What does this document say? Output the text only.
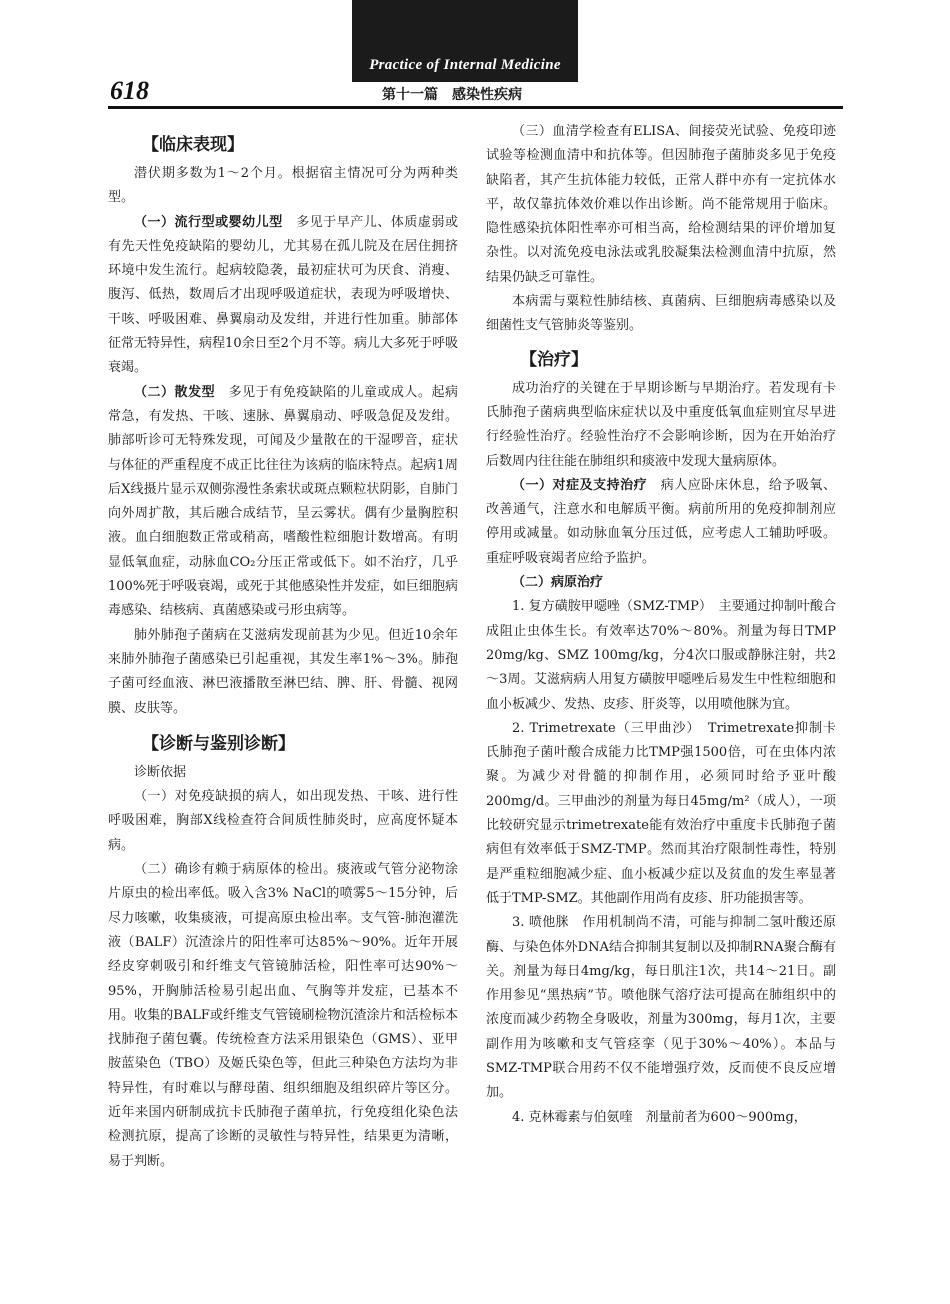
Practice of Internal Medicine
618	第十一篇　感染性疾病

【临床表现】

潜伏期多数为1～2个月。根据宿主情况可分为两种类型。

（一）流行型或婴幼儿型　 多见于早产儿、体质虚弱或有先天性免疫缺陷的婴幼儿，尤其易在孤儿院及在居住拥挤环境中发生流行。起病较隐袭，最初症状可为厌食、消瘦、腹泻、低热，数周后才出现呼吸道症状，表现为呼吸增快、干咳、呼吸困难、鼻翼扇动及发绀，并进行性加重。肺部体征常无特异性，病程10余日至2个月不等。病儿大多死于呼吸衰竭。

（二）散发型　 多见于有免疫缺陷的儿童或成人。起病常急，有发热、干咳、速脉、鼻翼扇动、呼吸急促及发绀。肺部听诊可无特殊发现，可闻及少量散在的干湿啰音，症状与体征的严重程度不成正比往往为该病的临床特点。起病1周后X线摄片显示双侧弥漫性条索状或斑点颗粒状阴影，自肺门向外周扩散，其后融合成结节，呈云雾状。偶有少量胸腔积液。血白细胞数正常或稍高，嗜酸性粒细胞计数增高。有明显低氧血症，动脉血CO₂分压正常或低下。如不治疗，几乎100%死于呼吸衰竭，或死于其他感染性并发症，如巨细胞病毒感染、结核病、真菌感染或弓形虫病等。

肺外肺孢子菌病在艾滋病发现前甚为少见。但近10余年来肺外肺孢子菌感染已引起重视，其发生率1%～3%。肺孢子菌可经血液、淋巴液播散至淋巴结、脾、肝、骨髓、视网膜、皮肤等。

【诊断与鉴别诊断】

诊断依据

（一）对免疫缺损的病人，如出现发热、干咳、进行性呼吸困难，胸部X线检查符合间质性肺炎时，应高度怀疑本病。

（二）确诊有赖于病原体的检出。痰液或气管分泌物涂片原虫的检出率低。吸入含3% NaCl的喷雾5～15分钟，后尽力咳嗽，收集痰液，可提高原虫检出率。支气管-肺泡灌洗液（BALF）沉渣涂片的阳性率可达85%～90%。近年开展经皮穿刺吸引和纤维支气管镜肺活检，阳性率可达90%～95%，开胸肺活检易引起出血、气胸等并发症，已基本不用。收集的BALF或纤维支气管镜刷检物沉渣涂片和活检标本找肺孢子菌包囊。传统检查方法采用银染色（GMS）、亚甲胺蓝染色（TBO）及姬氏染色等，但此三种染色方法均为非特异性，有时难以与酵母菌、组织细胞及组织碎片等区分。近年来国内研制成抗卡氏肺孢子菌单抗，行免疫组化染色法检测抗原，提高了诊断的灵敏性与特异性，结果更为清晰，易于判断。

（三）血清学检查有ELISA、间接荧光试验、免疫印迹试验等检测血清中和抗体等。但因肺孢子菌肺炎多见于免疫缺陷者，其产生抗体能力较低，正常人群中亦有一定抗体水平，故仅靠抗体效价难以作出诊断。尚不能常规用于临床。隐性感染抗体阳性率亦可相当高，给检测结果的评价增加复杂性。以对流免疫电泳法或乳胶凝集法检测血清中抗原，然结果仍缺乏可靠性。

本病需与粟粒性肺结核、真菌病、巨细胞病毒感染以及细菌性支气管肺炎等鉴别。

【治疗】

成功治疗的关键在于早期诊断与早期治疗。若发现有卡氏肺孢子菌病典型临床症状以及中重度低氧血症则宜尽早进行经验性治疗。经验性治疗不会影响诊断，因为在开始治疗后数周内往往能在肺组织和痰液中发现大量病原体。

（一）对症及支持治疗　 病人应卧床休息，给予吸氧、改善通气，注意水和电解质平衡。病前所用的免疫抑制剂应停用或减量。如动脉血氧分压过低，应考虑人工辅助呼吸。重症呼吸衰竭者应给予监护。

（二）病原治疗

1. 复方磺胺甲噁唑（SMZ-TMP）　主要通过抑制叶酸合成阻止虫体生长。有效率达70%～80%。剂量为每日TMP 20mg/kg、SMZ 100mg/kg，分4次口服或静脉注射，共2～3周。艾滋病病人用复方磺胺甲噁唑后易发生中性粒细胞和血小板减少、发热、皮疹、肝炎等，以用喷他脒为宜。

2. Trimetrexate（三甲曲沙）　Trimetrexate抑制卡氏肺孢子菌叶酸合成能力比TMP强1500倍，可在虫体内浓聚。为减少对骨髓的抑制作用，必须同时给予亚叶酸200mg/d。三甲曲沙的剂量为每日45mg/m²（成人），一项比较研究显示trimetrexate能有效治疗中重度卡氏肺孢子菌病但有效率低于SMZ-TMP。然而其治疗限制性毒性，特别是严重粒细胞减少症、血小板减少症以及贫血的发生率显著低于TMP-SMZ。其他副作用尚有皮疹、肝功能损害等。

3. 喷他脒　作用机制尚不清，可能与抑制二氢叶酸还原酶、与染色体外DNA结合抑制其复制以及抑制RNA聚合酶有关。剂量为每日4mg/kg，每日肌注1次，共14～21日。副作用参见“黑热病”节。喷他脒气溶疗法可提高在肺组织中的浓度而减少药物全身吸收，剂量为300mg，每月1次，主要副作用为咳嗽和支气管痉挛（见于30%～40%）。本品与SMZ-TMP联合用药不仅不能增强疗效，反而使不良反应增加。

4. 克林霉素与伯氨喹　剂量前者为600～900mg，
